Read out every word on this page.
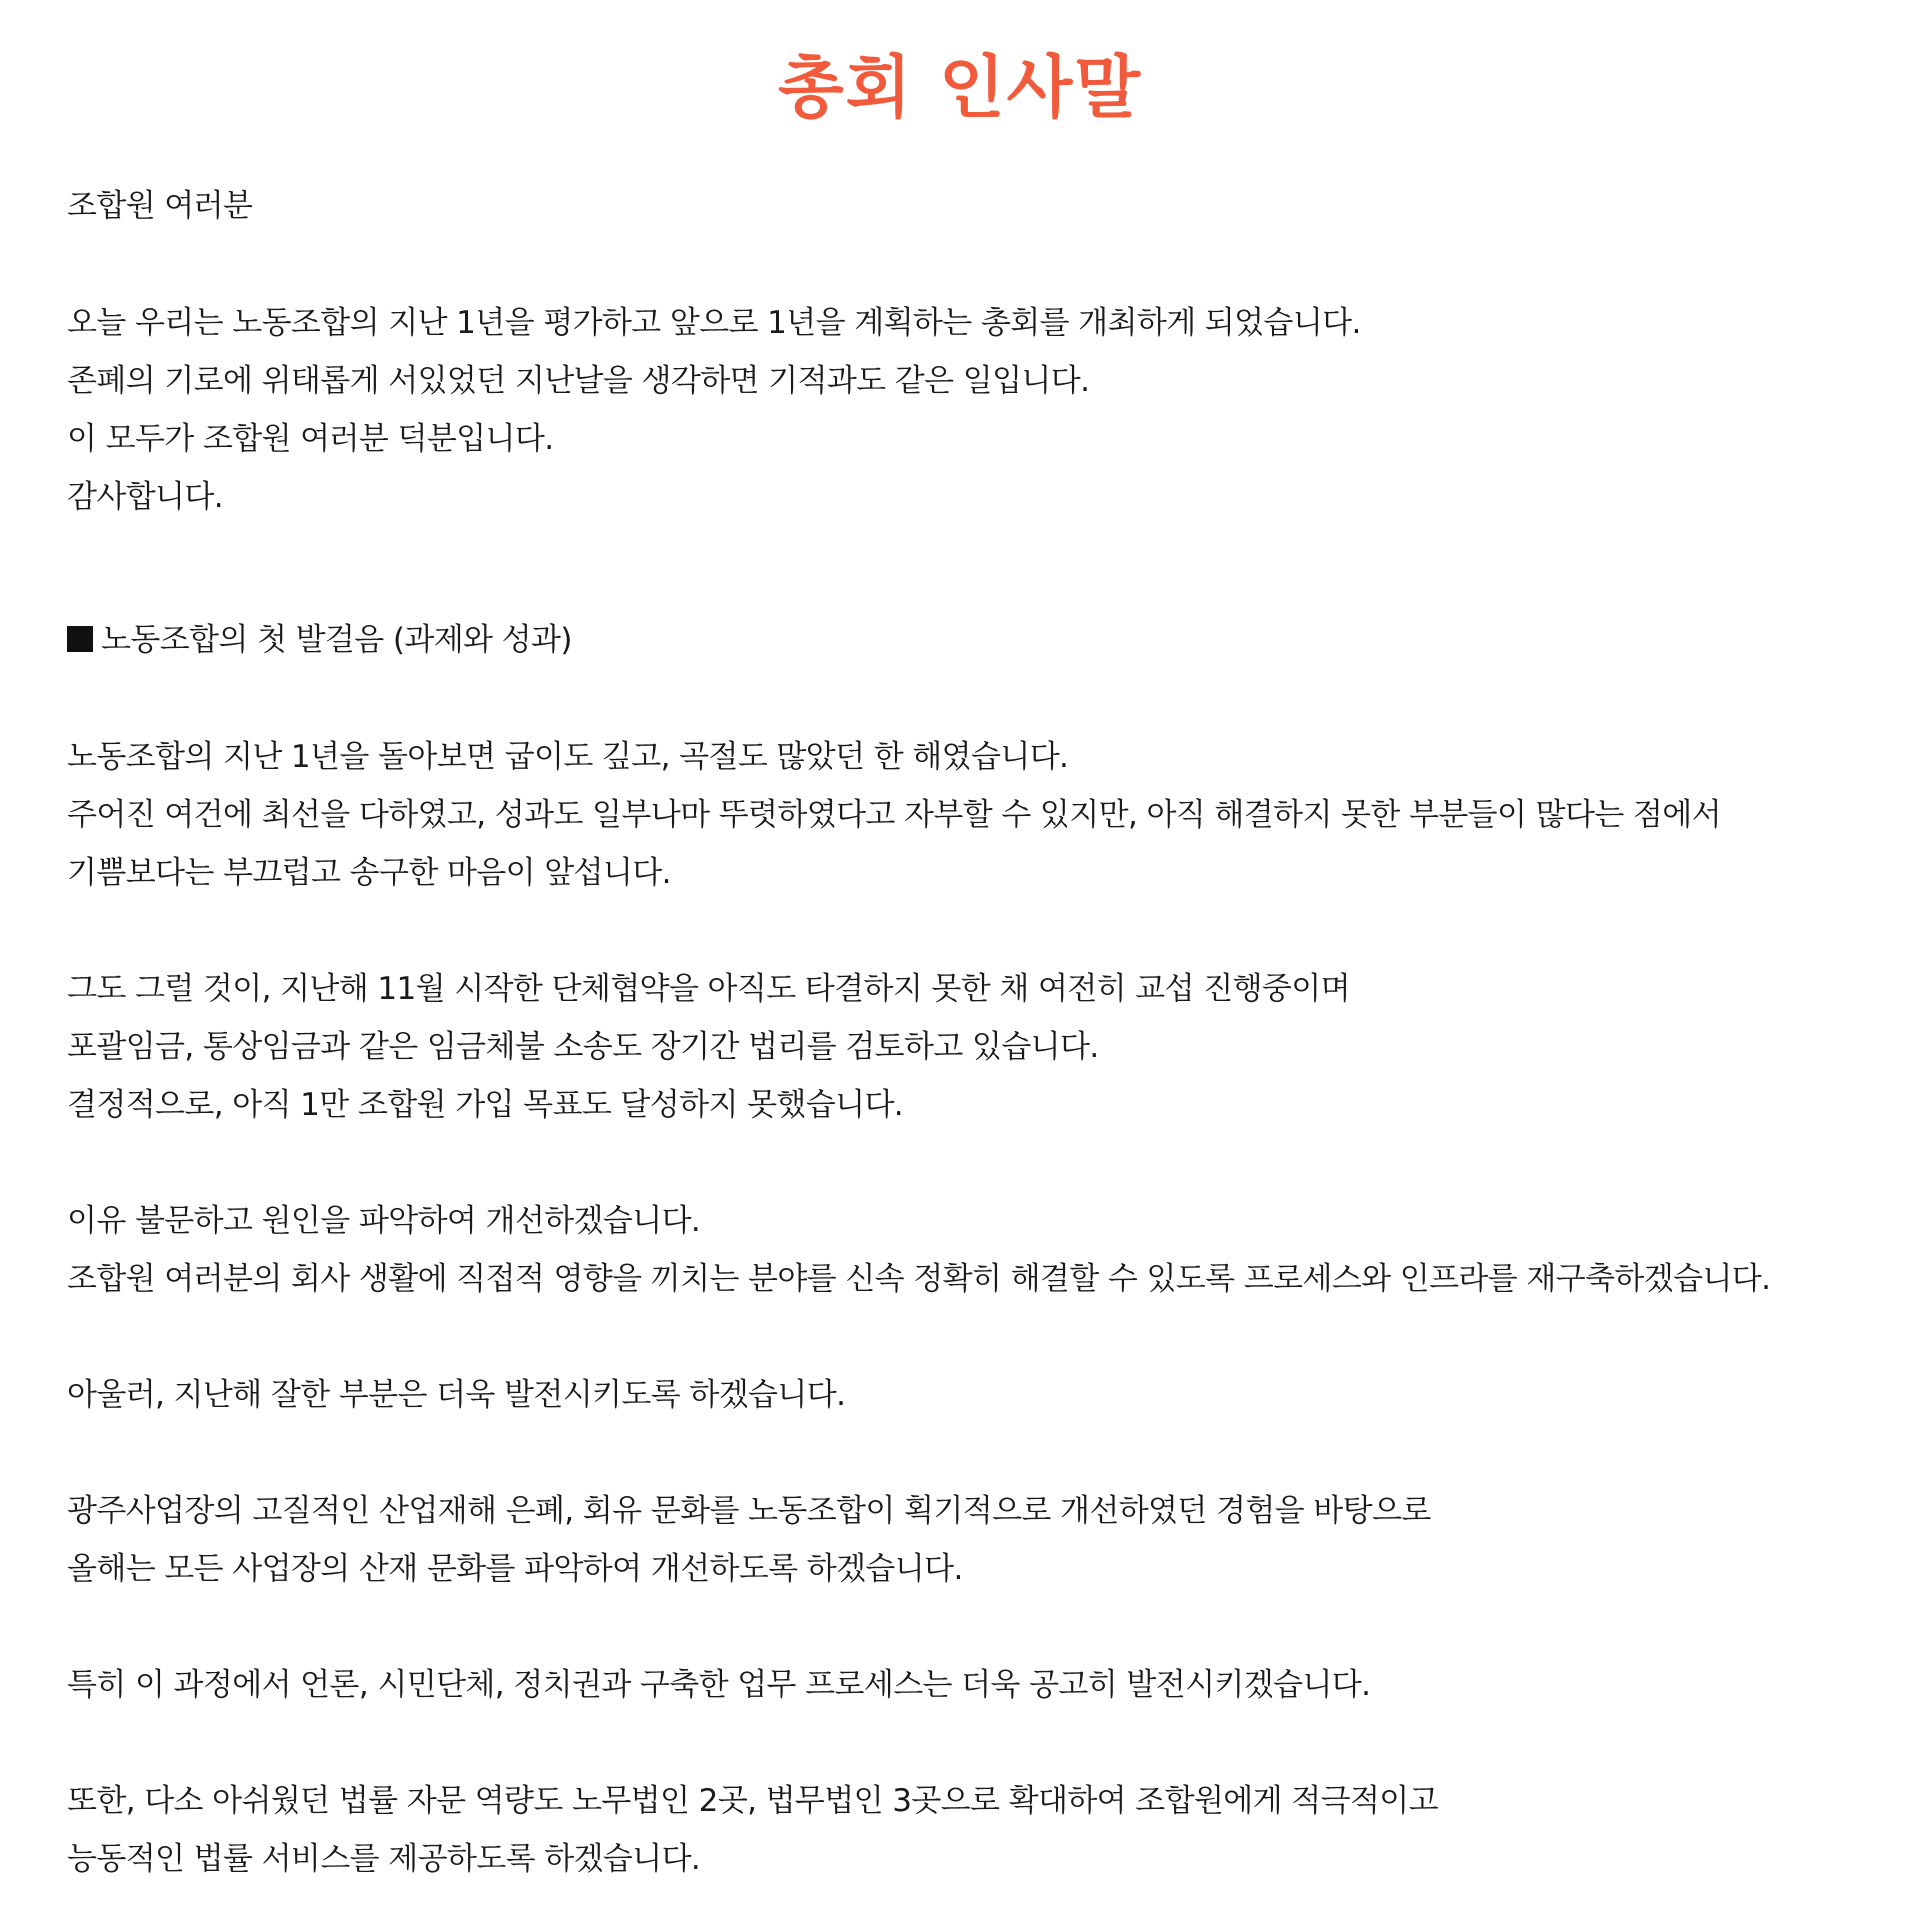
총회 인사말
조합원 여러분
오늘 우리는 노동조합의 지난 1년을 평가하고 앞으로 1년을 계획하는 총회를 개최하게 되었습니다.
존폐의 기로에 위태롭게 서있었던 지난날을 생각하면 기적과도 같은 일입니다.
이 모두가 조합원 여러분 덕분입니다.
감사합니다.
노동조합의 첫 발걸음 (과제와 성과)
노동조합의 지난 1년을 돌아보면 굽이도 깊고, 곡절도 많았던 한 해였습니다.
주어진 여건에 최선을 다하였고, 성과도 일부나마 뚜렷하였다고 자부할 수 있지만, 아직 해결하지 못한 부분들이 많다는 점에서
기쁨보다는 부끄럽고 송구한 마음이 앞섭니다.
그도 그럴 것이, 지난해 11월 시작한 단체협약을 아직도 타결하지 못한 채 여전히 교섭 진행중이며
포괄임금, 통상임금과 같은 임금체불 소송도 장기간 법리를 검토하고 있습니다.
결정적으로, 아직 1만 조합원 가입 목표도 달성하지 못했습니다.
이유 불문하고 원인을 파악하여 개선하겠습니다.
조합원 여러분의 회사 생활에 직접적 영향을 끼치는 분야를 신속 정확히 해결할 수 있도록 프로세스와 인프라를 재구축하겠습니다.
아울러, 지난해 잘한 부분은 더욱 발전시키도록 하겠습니다.
광주사업장의 고질적인 산업재해 은폐, 회유 문화를 노동조합이 획기적으로 개선하였던 경험을 바탕으로
올해는 모든 사업장의 산재 문화를 파악하여 개선하도록 하겠습니다.
특히 이 과정에서 언론, 시민단체, 정치권과 구축한 업무 프로세스는 더욱 공고히 발전시키겠습니다.
또한, 다소 아쉬웠던 법률 자문 역량도 노무법인 2곳, 법무법인 3곳으로 확대하여 조합원에게 적극적이고
능동적인 법률 서비스를 제공하도록 하겠습니다.
